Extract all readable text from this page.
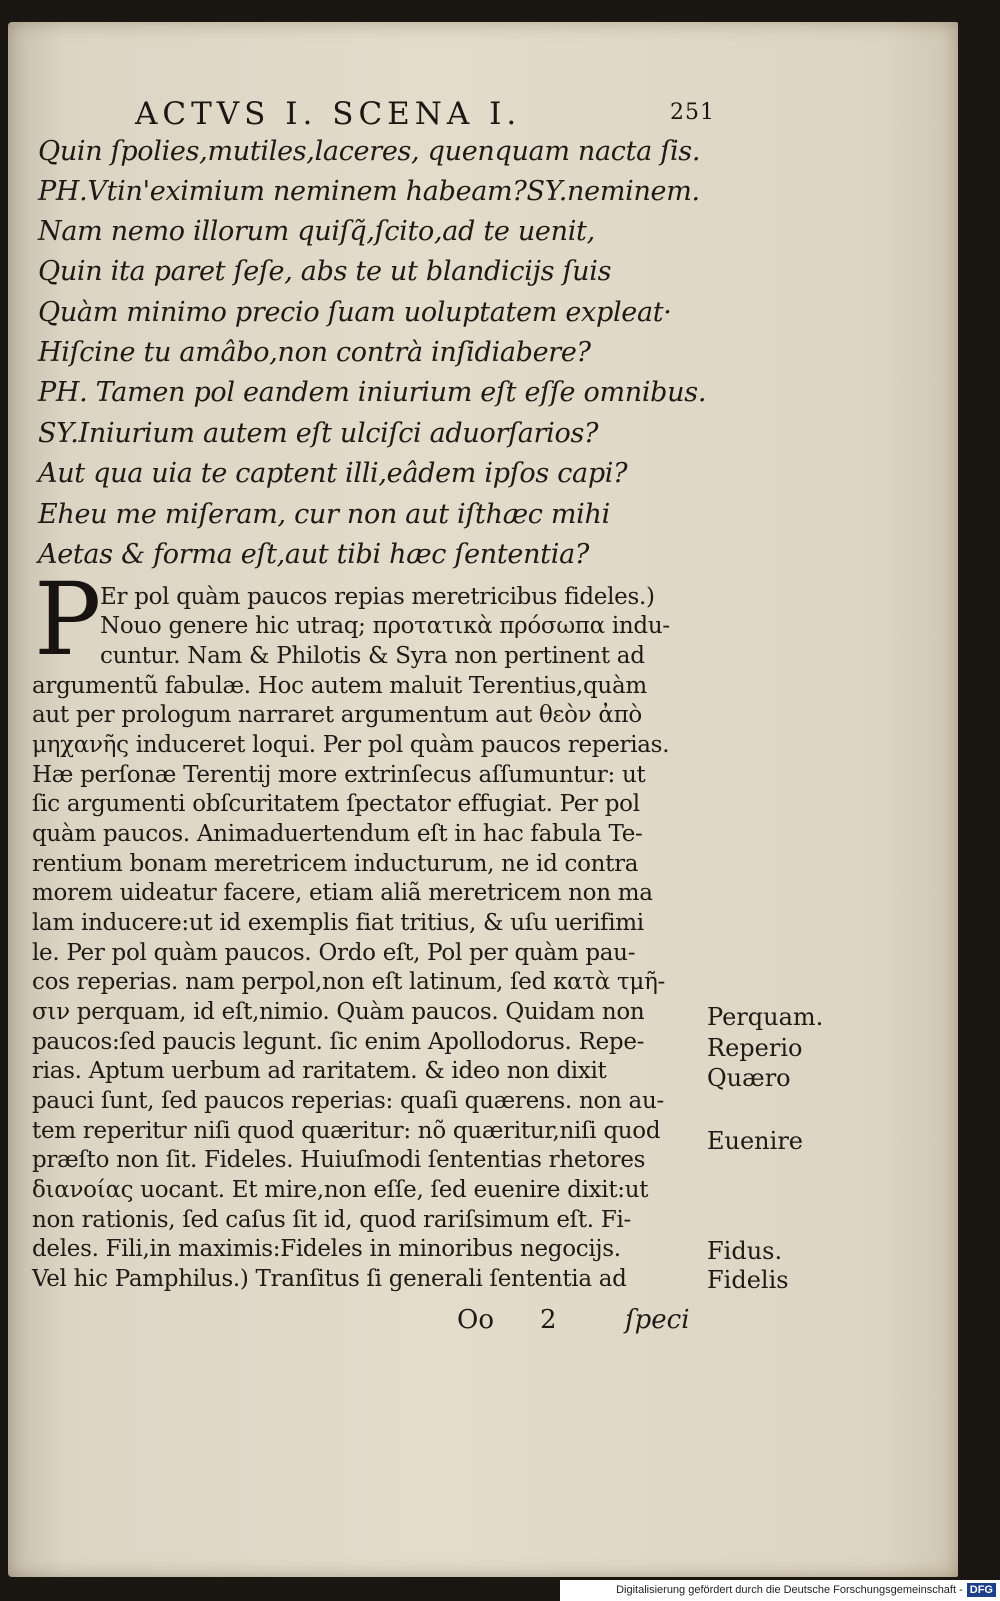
ACTVS I. SCENA I.	251
Quin ſpolies,mutiles,laceres, quenquam nacta ſis.
PH.Vtin'eximium neminem habeam?SY.neminem.
Nam nemo illorum quiſq̃,ſcito,ad te uenit,
Quin ita paret ſeſe, abs te ut blandicijs ſuis
Quàm minimo precio ſuam uoluptatem expleat·
Hiſcine tu amâbo,non contrà inſidiabere?
PH. Tamen pol eandem iniurium eſt eſſe omnibus.
SY.Iniurium autem eſt ulciſci aduorſarios?
Aut qua uia te captent illi,eâdem ipſos capi?
Eheu me miſeram, cur non aut iſthæc mihi
Aetas & forma eſt,aut tibi hæc ſententia?
P
Er pol quàm paucos repias meretricibus fideles.)
Nouo genere hic utraq; προτατικὰ πρόσωπα indu-
cuntur. Nam & Philotis & Syra non pertinent ad
argumentũ fabulæ. Hoc autem maluit Terentius,quàm
aut per prologum narraret argumentum aut θεὸν ἀπὸ
μηχανῆς induceret loqui. Per pol quàm paucos reperias.
Hæ perſonæ Terentij more extrinſecus aſſumuntur: ut
ſic argumenti obſcuritatem ſpectator effugiat. Per pol
quàm paucos. Animaduertendum eſt in hac fabula Te-
rentium bonam meretricem inducturum, ne id contra
morem uideatur facere, etiam aliã meretricem non ma
lam inducere:ut id exemplis fiat tritius, & uſu uerifimi
le. Per pol quàm paucos. Ordo eſt, Pol per quàm pau-
cos reperias. nam perpol,non eſt latinum, ſed κατὰ τμῆ-
σιν perquam, id eſt,nimio. Quàm paucos. Quidam non
paucos:ſed paucis legunt. ſic enim Apollodorus. Repe-
rias. Aptum uerbum ad raritatem. & ideo non dixit
pauci ſunt, ſed paucos reperias: quaſi quærens. non au-
tem reperitur niſi quod quæritur: nõ quæritur,niſi quod
præſto non ſit. Fideles. Huiuſmodi ſententias rhetores
διανοίας uocant. Et mire,non eſſe, ſed euenire dixit:ut
non rationis, ſed caſus ſit id, quod rariſsimum eſt. Fi-
deles. Fili,in maximis:Fideles in minoribus negocijs.
Vel hic Pamphilus.) Tranſitus ſi generali ſententia ad
Perquam.
Reperio
Quæro
Euenire
Fidus.
Fidelis
Oo 2	ſpeci
Digitalisierung gefördert durch die Deutsche Forschungsgemeinschaft - DFG
